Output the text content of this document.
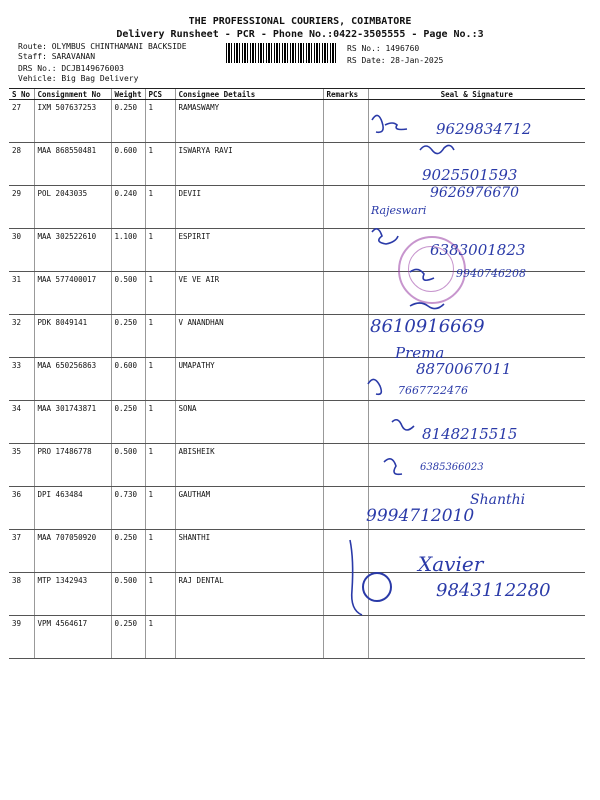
THE PROFESSIONAL COURIERS, COIMBATORE
Delivery Runsheet - PCR - Phone No.:0422-3505555 - Page No.:3
Route: OLYMBUS CHINTHAMANI BACKSIDE
Staff: SARAVANAN
DRS No.: DCJB149676003
Vehicle: Big Bag Delivery
RS No.: 1496760
RS Date: 28-Jan-2025
S No	Consignment No	Weight	PCS	Consignee Details	Remarks	Seal & Signature
27	IXM 507637253	0.250	1	RAMASWAMY		
28	MAA 868550481	0.600	1	ISWARYA RAVI		
29	POL 2043035	0.240	1	DEVII		
30	MAA 302522610	1.100	1	ESPIRIT		
31	MAA 577400017	0.500	1	VE VE AIR		
32	PDK 8049141	0.250	1	V ANANDHAN		
33	MAA 650256863	0.600	1	UMAPATHY		
34	MAA 301743871	0.250	1	SONA		
35	PRO 17486778	0.500	1	ABISHEIK		
36	DPI 463484	0.730	1	GAUTHAM		
37	MAA 707050920	0.250	1	SHANTHI		
38	MTP 1342943	0.500	1	RAJ DENTAL		
39	VPM 4564617	0.250	1			
9629834712
9025501593
9626976670
Rajeswari
6383001823
9940746208
8610916669
Prema
8870067011
7667722476
8148215515
6385366023
Shanthi
9994712010
Xavier
9843112280
